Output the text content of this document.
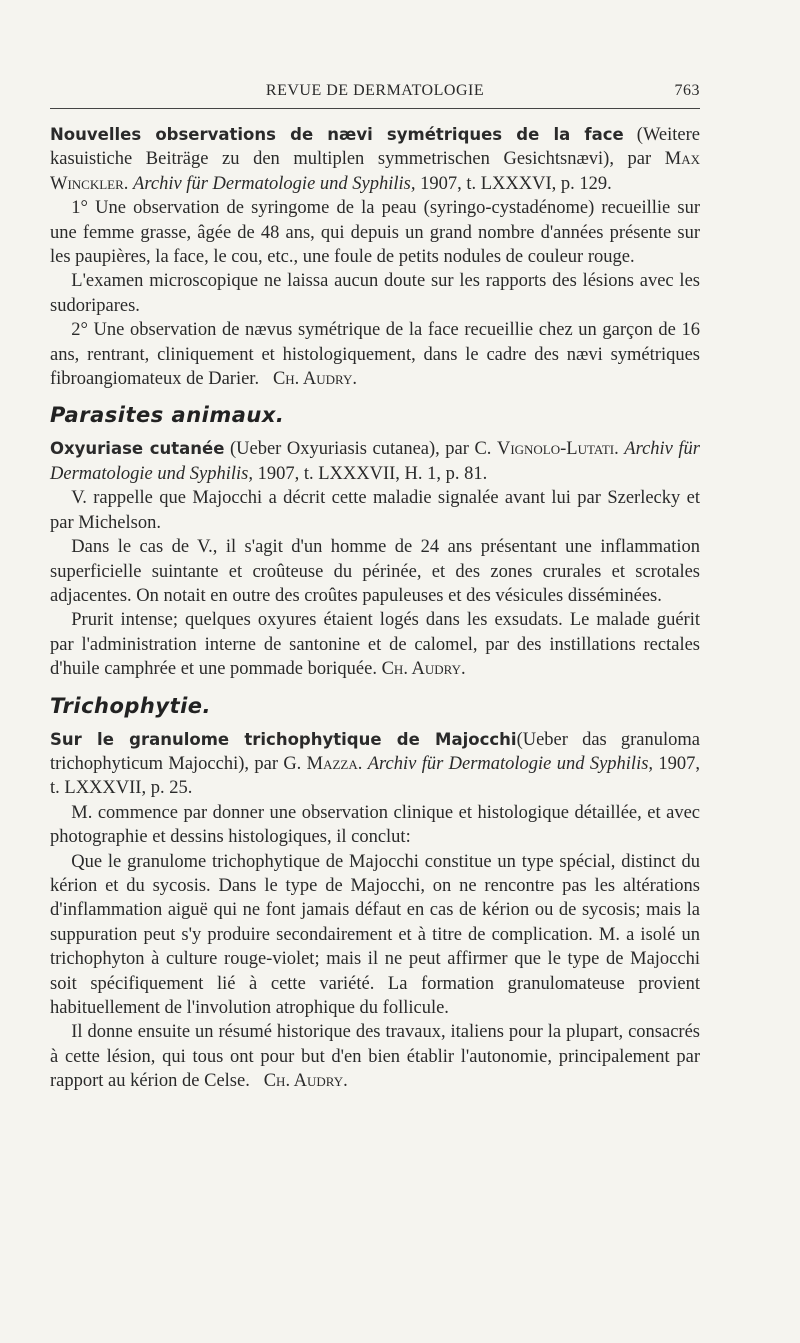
REVUE DE DERMATOLOGIE	763

Nouvelles observations de nævi symétriques de la face (Weitere kasuistiche Beiträge zu den multiplen symmetrischen Gesichtsnævi), par Max Winckler. Archiv für Dermatologie und Syphilis, 1907, t. LXXXVI, p. 129.

1° Une observation de syringome de la peau (syringo-cystadénome) recueillie sur une femme grasse, âgée de 48 ans, qui depuis un grand nombre d'années présente sur les paupières, la face, le cou, etc., une foule de petits nodules de couleur rouge.

L'examen microscopique ne laissa aucun doute sur les rapports des lésions avec les sudoripares.

2° Une observation de nævus symétrique de la face recueillie chez un garçon de 16 ans, rentrant, cliniquement et histologiquement, dans le cadre des nævi symétriques fibroangiomateux de Darier. Ch. Audry.

Parasites animaux.

Oxyuriase cutanée (Ueber Oxyuriasis cutanea), par C. Vignolo-Lutati. Archiv für Dermatologie und Syphilis, 1907, t. LXXXVII, H. 1, p. 81.

V. rappelle que Majocchi a décrit cette maladie signalée avant lui par Szerlecky et par Michelson.

Dans le cas de V., il s'agit d'un homme de 24 ans présentant une inflammation superficielle suintante et croûteuse du périnée, et des zones crurales et scrotales adjacentes. On notait en outre des croûtes papuleuses et des vésicules disséminées.

Prurit intense; quelques oxyures étaient logés dans les exsudats. Le malade guérit par l'administration interne de santonine et de calomel, par des instillations rectales d'huile camphrée et une pommade boriquée. Ch. Audry.

Trichophytie.

Sur le granulome trichophytique de Majocchi(Ueber das granuloma trichophyticum Majocchi), par G. Mazza. Archiv für Dermatologie und Syphilis, 1907, t. LXXXVII, p. 25.

M. commence par donner une observation clinique et histologique détaillée, et avec photographie et dessins histologiques, il conclut:

Que le granulome trichophytique de Majocchi constitue un type spécial, distinct du kérion et du sycosis. Dans le type de Majocchi, on ne rencontre pas les altérations d'inflammation aiguë qui ne font jamais défaut en cas de kérion ou de sycosis; mais la suppuration peut s'y produire secondairement et à titre de complication. M. a isolé un trichophyton à culture rouge-violet; mais il ne peut affirmer que le type de Majocchi soit spécifiquement lié à cette variété. La formation granulomateuse provient habituellement de l'involution atrophique du follicule.

Il donne ensuite un résumé historique des travaux, italiens pour la plupart, consacrés à cette lésion, qui tous ont pour but d'en bien établir l'autonomie, principalement par rapport au kérion de Celse. Ch. Audry.
